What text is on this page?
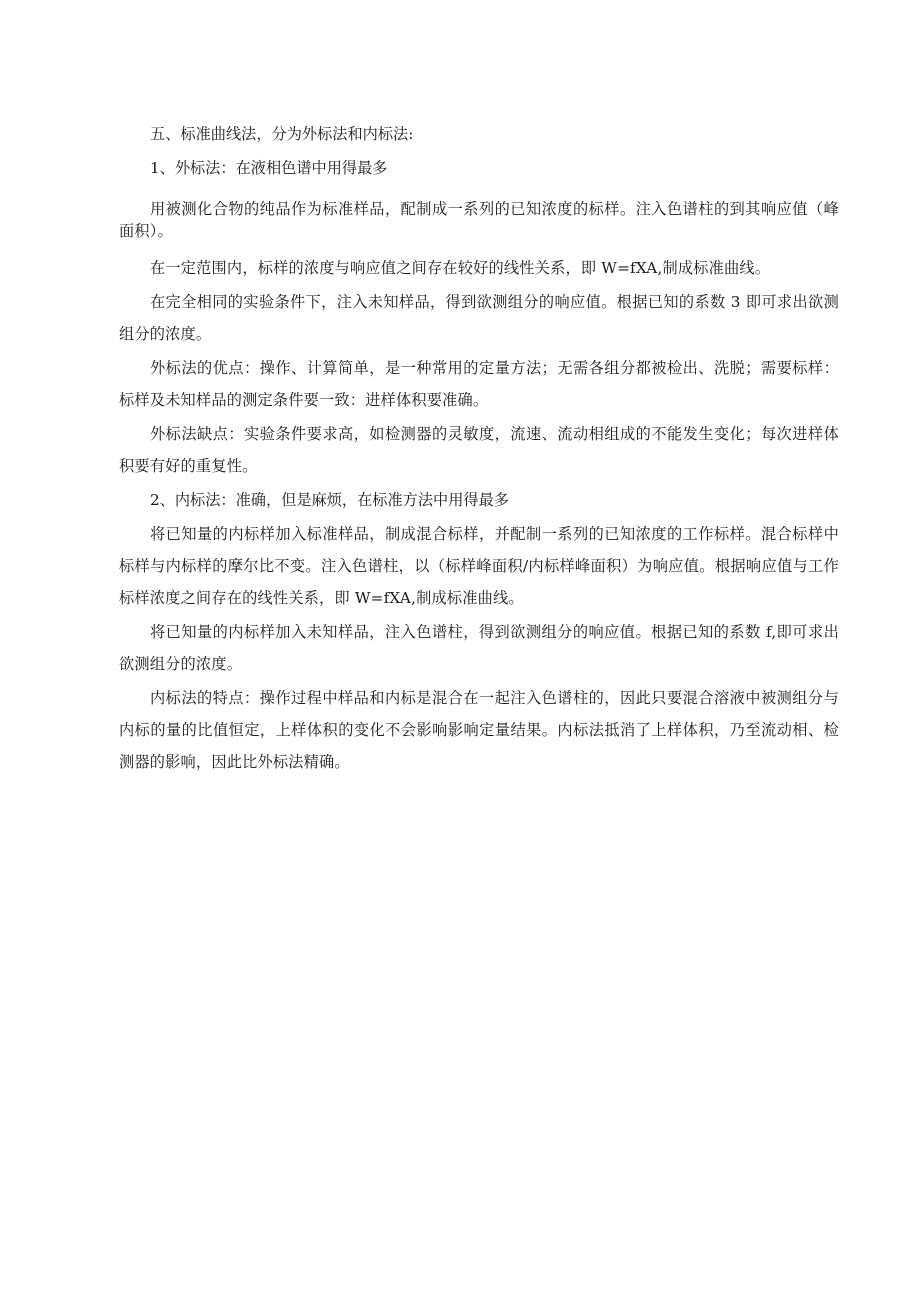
五、标准曲线法，分为外标法和内标法:

1、外标法：在液相色谱中用得最多

用被测化合物的纯品作为标准样品，配制成一系列的已知浓度的标样。注入色谱柱的到其响应值（峰面积）。

在一定范围内，标样的浓度与响应值之间存在较好的线性关系，即 W=fXA,制成标准曲线。

在完全相同的实验条件下，注入未知样品，得到欲测组分的响应值。根据已知的系数 3 即可求出欲测组分的浓度。

外标法的优点：操作、计算简单，是一种常用的定量方法；无需各组分都被检出、洗脱；需要标样：标样及未知样品的测定条件要一致：进样体积要准确。

外标法缺点：实验条件要求高，如检测器的灵敏度，流速、流动相组成的不能发生变化；每次进样体积要有好的重复性。

2、内标法：准确，但是麻烦，在标准方法中用得最多

将已知量的内标样加入标准样品，制成混合标样，并配制一系列的已知浓度的工作标样。混合标样中标样与内标样的摩尔比不变。注入色谱柱，以（标样峰面积/内标样峰面积）为响应值。根据响应值与工作标样浓度之间存在的线性关系，即 W=fXA,制成标准曲线。

将已知量的内标样加入未知样品，注入色谱柱，得到欲测组分的响应值。根据已知的系数 f,即可求出欲测组分的浓度。

内标法的特点：操作过程中样品和内标是混合在一起注入色谱柱的，因此只要混合溶液中被测组分与内标的量的比值恒定，上样体积的变化不会影响影响定量结果。内标法抵消了上样体积，乃至流动相、检测器的影响，因此比外标法精确。
